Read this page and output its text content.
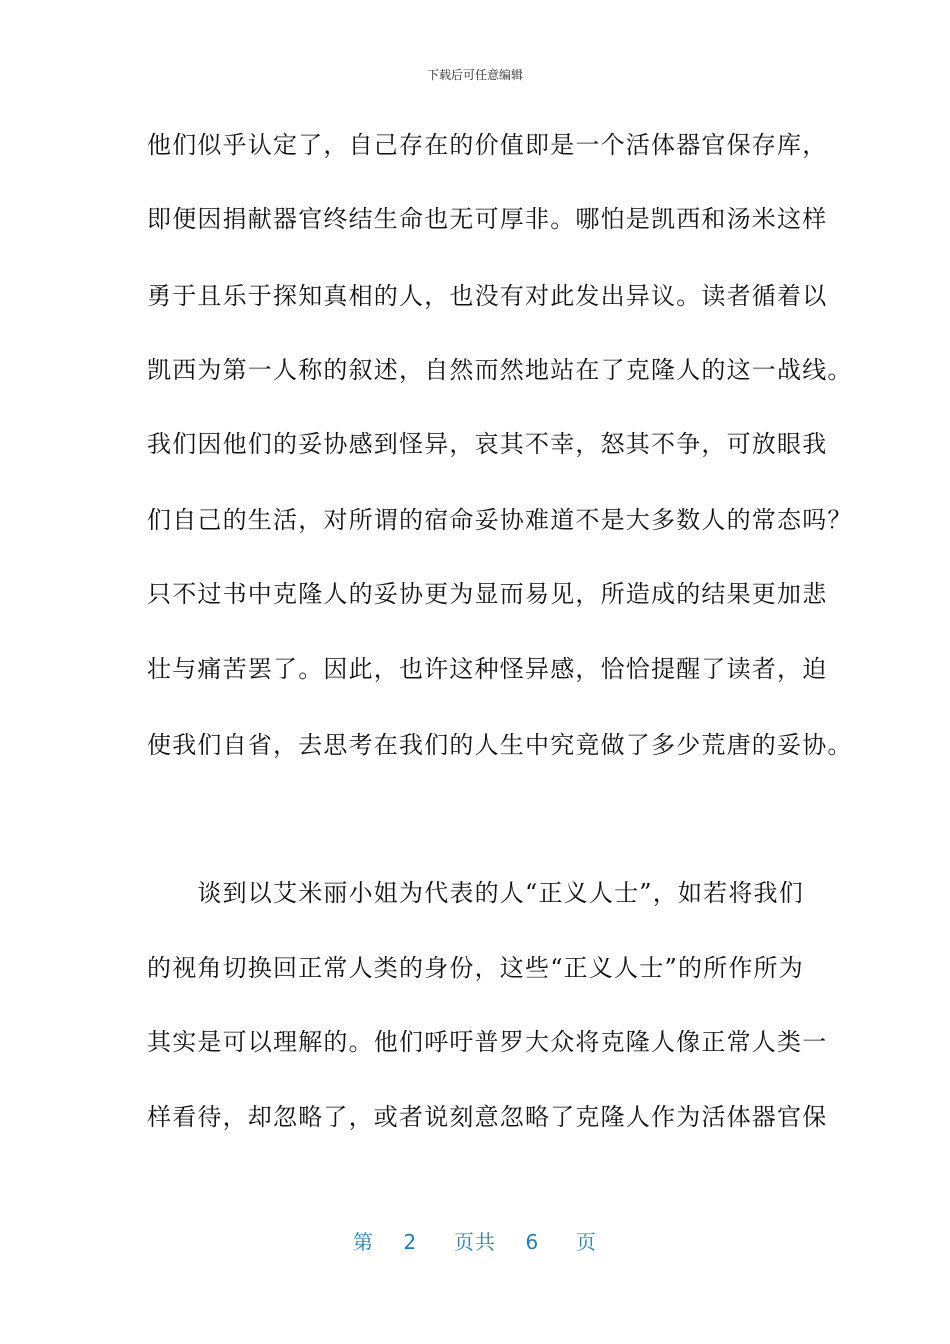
下载后可任意编辑
他们似乎认定了，自己存在的价值即是一个活体器官保存库，
即便因捐献器官终结生命也无可厚非。哪怕是凯西和汤米这样
勇于且乐于探知真相的人，也没有对此发出异议。读者循着以
凯西为第一人称的叙述，自然而然地站在了克隆人的这一战线。
我们因他们的妥协感到怪异，哀其不幸，怒其不争，可放眼我
们自己的生活，对所谓的宿命妥协难道不是大多数人的常态吗？
只不过书中克隆人的妥协更为显而易见，所造成的结果更加悲
壮与痛苦罢了。因此，也许这种怪异感，恰恰提醒了读者，迫
使我们自省，去思考在我们的人生中究竟做了多少荒唐的妥协。
　　谈到以艾米丽小姐为代表的人“正义人士”，如若将我们
的视角切换回正常人类的身份，这些“正义人士”的所作所为
其实是可以理解的。他们呼吁普罗大众将克隆人像正常人类一
样看待，却忽略了，或者说刻意忽略了克隆人作为活体器官保
第 2 页共 6 页
